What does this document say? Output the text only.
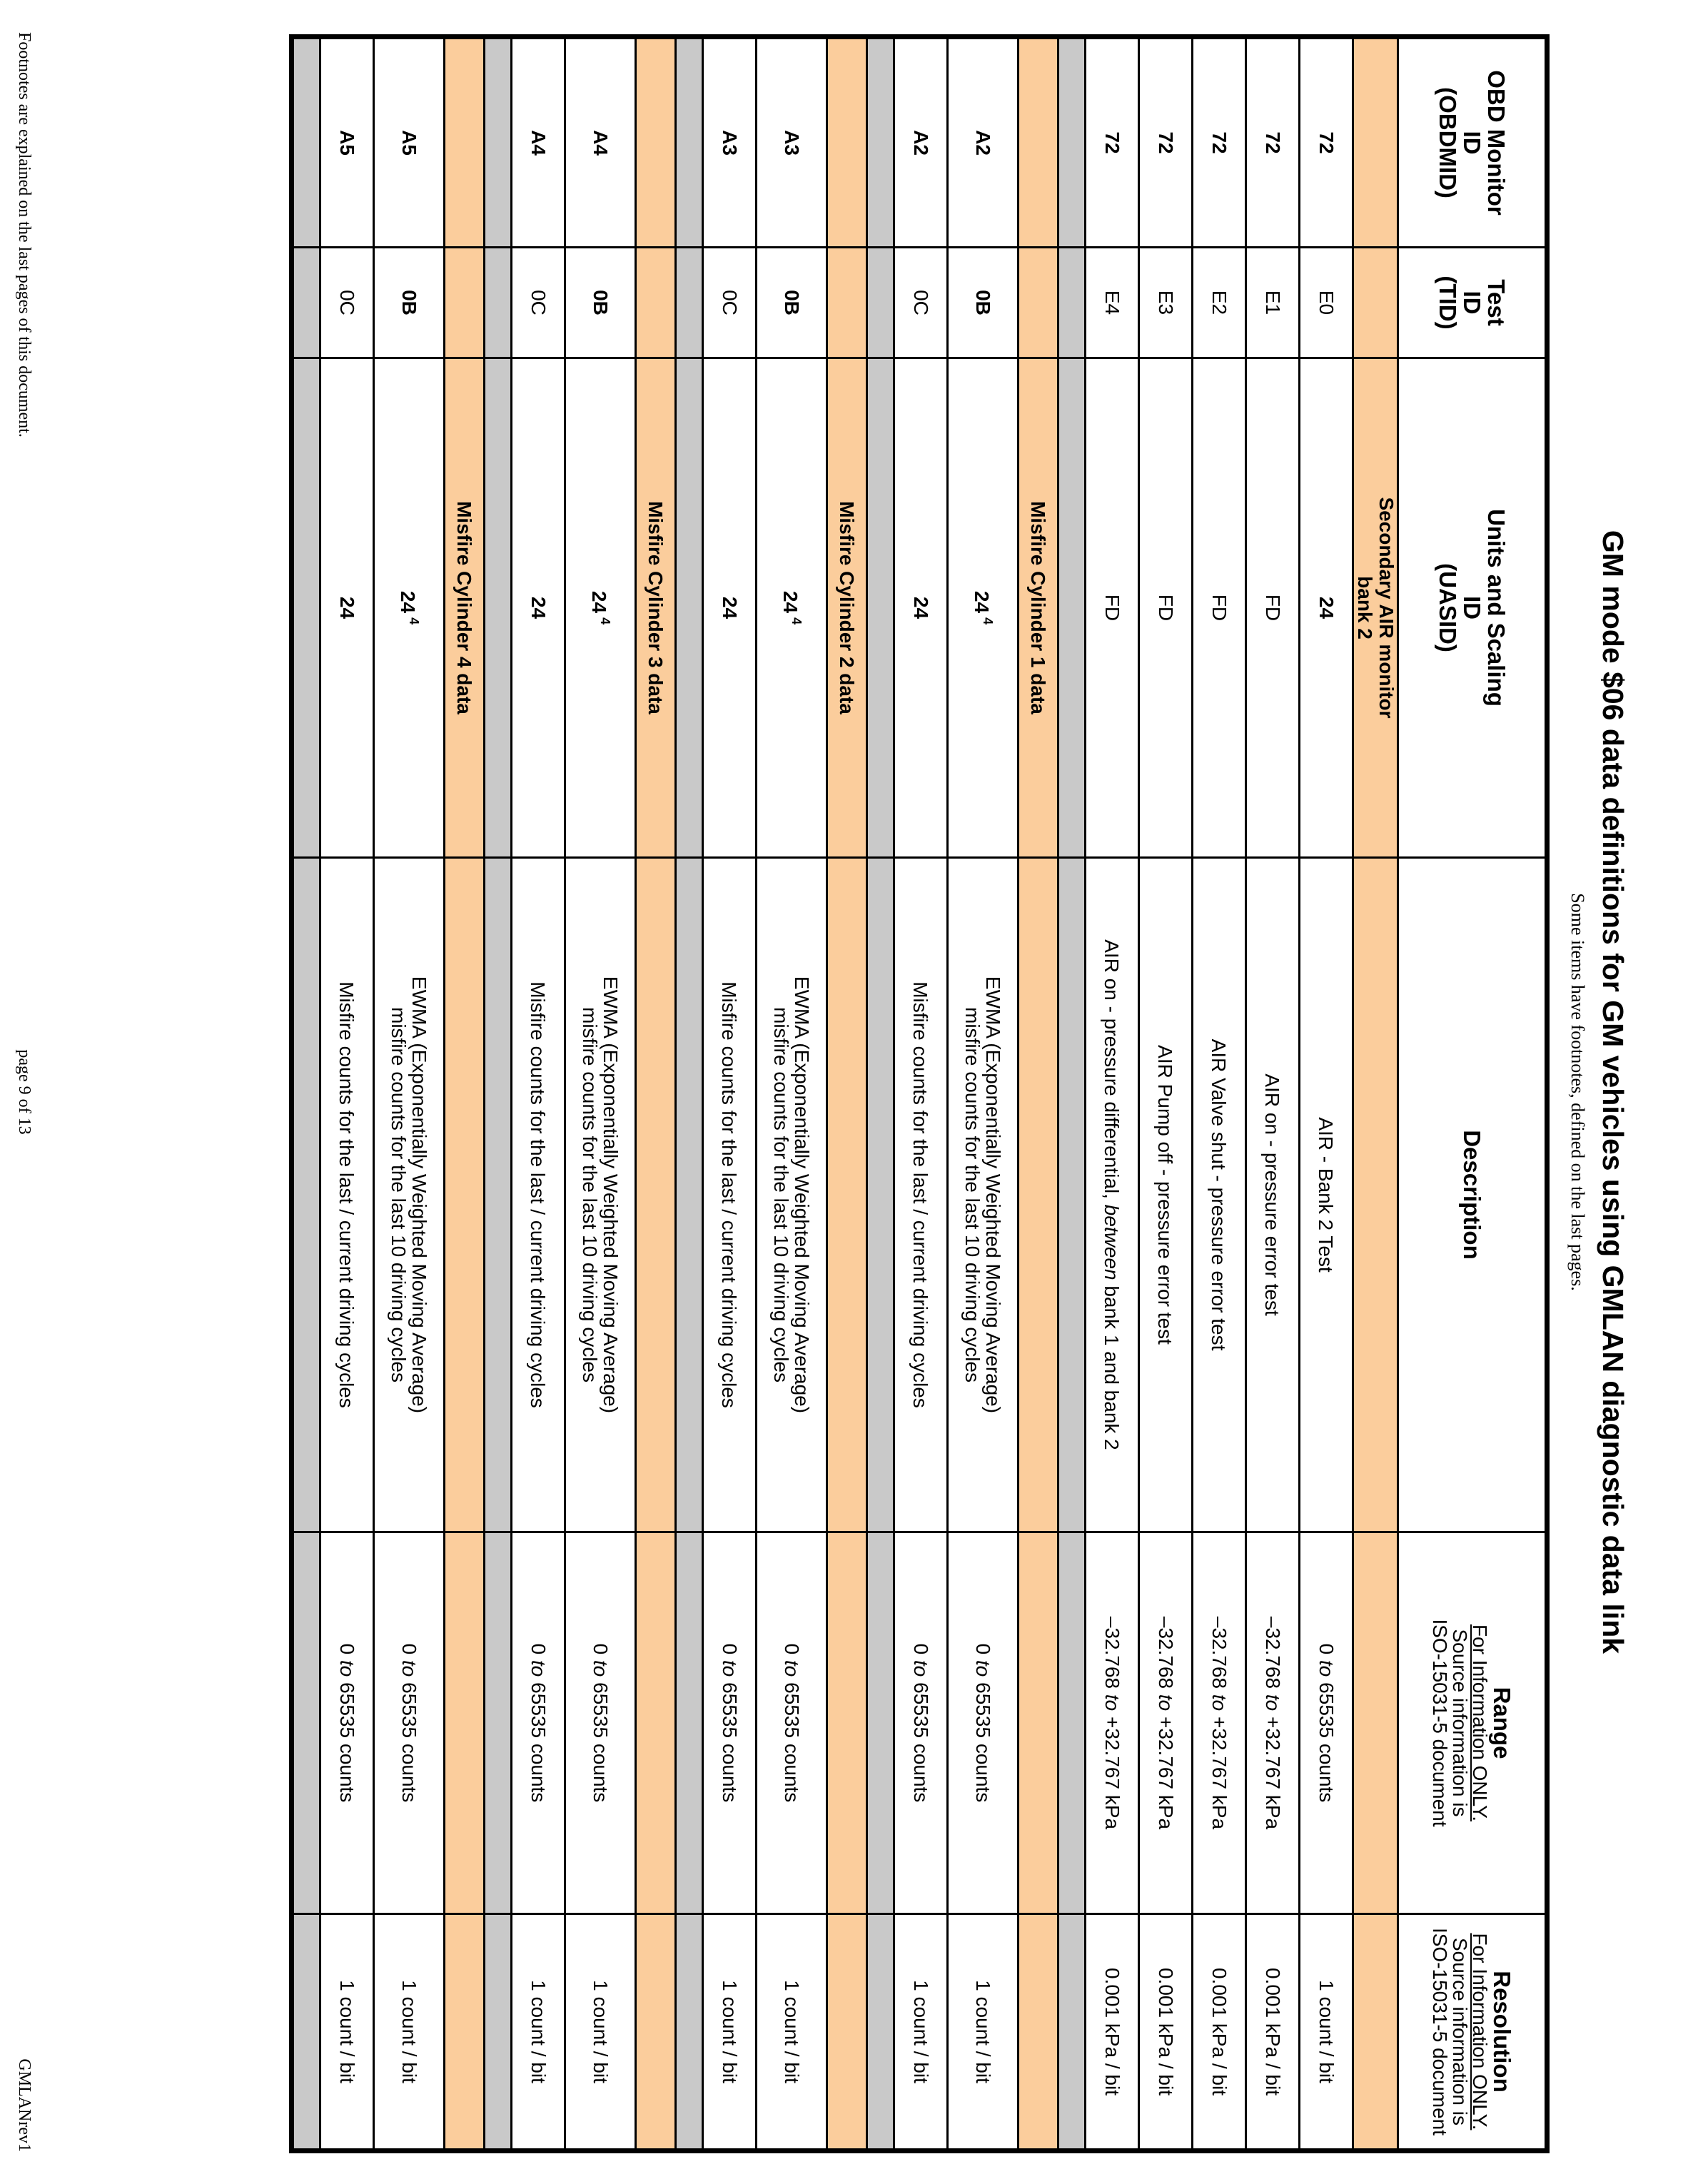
GM mode $06 data definitions for GM vehicles using GMLAN diagnostic data link
Some items have footnotes, defined on the last pages.
OBD Monitor
ID
(OBDMID)	Test
ID
(TID)	Units and Scaling
ID
(UASID)	Description	Range
For Information ONLY.
Source information is
ISO-15031-5 document	Resolution
For Information ONLY.
Source information is
ISO-15031-5 document

		Secondary AIR monitor
bank 2			
72	E0	24	AIR - Bank 2 Test	0 to 65535 counts	1 count / bit
72	E1	FD	AIR on - pressure error test	–32.768 to +32.767 kPa	0.001 kPa / bit
72	E2	FD	AIR Valve shut - pressure error test	–32.768 to +32.767 kPa	0.001 kPa / bit
72	E3	FD	AIR Pump off - pressure error test	–32.768 to +32.767 kPa	0.001 kPa / bit
72	E4	FD	AIR on - pressure differential, between bank 1 and bank 2	–32.768 to +32.767 kPa	0.001 kPa / bit

		Misfire Cylinder 1 data			
A2	0B	$24^4$	EWMA (Exponentially Weighted Moving Average)
misfire counts for the last 10 driving cycles	0 to 65535 counts	1 count / bit
A2	0C	24	Misfire counts for the last / current driving cycles	0 to 65535 counts	1 count / bit

		Misfire Cylinder 2 data			
A3	0B	$24^4$	EWMA (Exponentially Weighted Moving Average)
misfire counts for the last 10 driving cycles	0 to 65535 counts	1 count / bit
A3	0C	24	Misfire counts for the last / current driving cycles	0 to 65535 counts	1 count / bit

		Misfire Cylinder 3 data			
A4	0B	$24^4$	EWMA (Exponentially Weighted Moving Average)
misfire counts for the last 10 driving cycles	0 to 65535 counts	1 count / bit
A4	0C	24	Misfire counts for the last / current driving cycles	0 to 65535 counts	1 count / bit

		Misfire Cylinder 4 data			
A5	0B	$24^4$	EWMA (Exponentially Weighted Moving Average)
misfire counts for the last 10 driving cycles	0 to 65535 counts	1 count / bit
A5	0C	24	Misfire counts for the last / current driving cycles	0 to 65535 counts	1 count / bit

Footnotes are explained on the last pages of this document.
page 9 of 13
GMLANrev1
